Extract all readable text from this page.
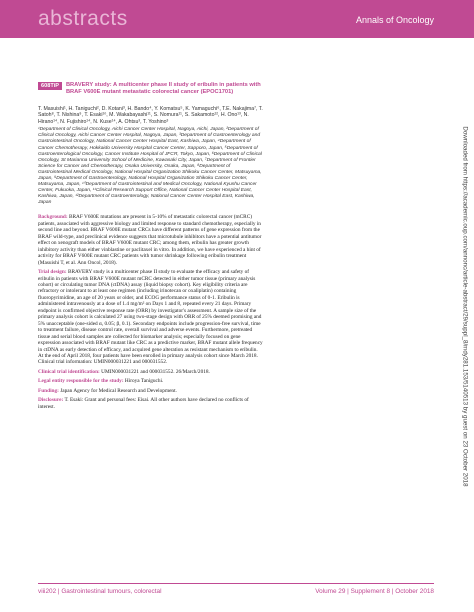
abstracts	Annals of Oncology
Downloaded from https://academic.oup.com/annonc/article-abstract/29/suppl_8/mdy281.153/5140513 by guest on 23 October 2018
608TiP	BRAVERY study: A multicenter phase II study of eribulin in patients with BRAF V600E mutant metastatic colorectal cancer (EPOC1701)
T. Masuishi¹, H. Taniguchi², D. Kotani³, H. Bando⁴, Y. Komatsu⁵, K. Yamaguchi⁶, T.E. Nakajima⁷, T. Satoh⁸, T. Nishina⁹, T. Esaki¹⁰, M. Wakabayashi¹¹, S. Nomura¹¹, S. Sakamoto¹², H. Ono¹³, N. Hirano¹⁴, N. Fujishiro¹⁴, N. Kuse¹⁴, A. Ohtsu³, T. Yoshino³
¹Department of Clinical Oncology, Aichi Cancer Center Hospital, Nagoya, Aichi, Japan, ²Department of Clinical Oncology, Aichi Cancer Center Hospital, Nagoya, Japan, ³Department of Gastroenterology and Gastrointestinal Oncology, National Cancer Center Hospital East, Kashiwa, Japan, ⁴Department of Cancer Chemotherapy, Hokkaido University Hospital Cancer Center, Sapporo, Japan, ⁵Department of Gastroenterological Oncology, Cancer Institute Hospital of JFCR, Tokyo, Japan, ⁶Department of Clinical Oncology, St Marianna University School of Medicine, Kawasaki City, Japan, ⁷Department of Frontier Science for Cancer and Chemotherapy, Osaka University, Osaka, Japan, ⁸Department of Gastrointestinal Medical Oncology, National Hospital Organization Shikoku Cancer Center, Matsuyama, Japan, ⁹Department of Gastroenterology, National Hospital Organization Shikoku Cancer Center, Matsuyama, Japan, ¹⁰Department of Gastrointestinal and Medical Oncology, National Kyushu Cancer Center, Fukuoka, Japan, ¹¹Clinical Research Support Office, National Cancer Center Hospital East, Kashiwa, Japan, ¹²Department of Gastroenterology, National Cancer Center Hospital East, Kashiwa, Japan

Background: BRAF V600E mutations are present in 5-10% of metastatic colorectal cancer (mCRC) patients, associated with aggressive biology and limited response to standard chemotherapy, especially in second line and beyond. BRAF V600E mutant CRCs have different patterns of gene expression from the BRAF wild-type, and preclinical evidence suggests that microtubule inhibitors have a potential antitumor effect on xenograft models of BRAF V600E mutant CRC; among them, eribulin has greater growth inhibitory activity than either vinblastine or paclitaxel in vitro. In addition, we have experienced a hint of activity for BRAF V600E mutant CRC patients with tumor shrinkage following eribulin treatment (Masuishi T, et al. Ann Oncol, 2018).

Trial design: BRAVERY study is a multicenter phase II study to evaluate the efficacy and safety of eribulin in patients with BRAF V600E mutant mCRC detected in either tumor tissue (primary analysis cohort) or circulating tumor DNA (ctDNA) assay (liquid biopsy cohort). Key eligibility criteria are refractory or intolerant to at least one regimen (including irinotecan or oxaliplatin) containing fluoropyrimidine, an age of 20 years or older, and ECOG performance status of 0-1. Eribulin is administered intravenously at a dose of 1.4 mg/m² on Days 1 and 8, repeated every 21 days. Primary endpoint is confirmed objective response rate (ORR) by investigator's assessment. A sample size of the primary analysis cohort is calculated 27 using two-stage design with ORR of 25% deemed promising and 5% unacceptable (one-sided α, 0.05; β, 0.1). Secondary endpoints include progression-free survival, time to treatment failure, disease control rate, overall survival and adverse events. Furthermore, pretreated tissue and serial blood samples are collected for biomarker analysis; especially focused on gene expression associated with BRAF mutant like CRC as a predictive marker, BRAF mutant allele frequency in ctDNA as early detection of efficacy, and acquired gene alteration as resistant mechanism to eribulin. At the end of April 2018, four patients have been enrolled in primary analysis cohort since March 2018. Clinical trial information: UMIN000031221 and 000031552.

Clinical trial identification: UMIN000031221 and 000031552. 26/March/2018.

Legal entity responsible for the study: Hiroya Taniguchi.

Funding: Japan Agency for Medical Research and Development.

Disclosure: T. Esaki: Grant and personal fees: Eisai. All other authors have declared no conflicts of interest.

viii202 | Gastrointestinal tumours, colorectal	Volume 29 | Supplement 8 | October 2018
